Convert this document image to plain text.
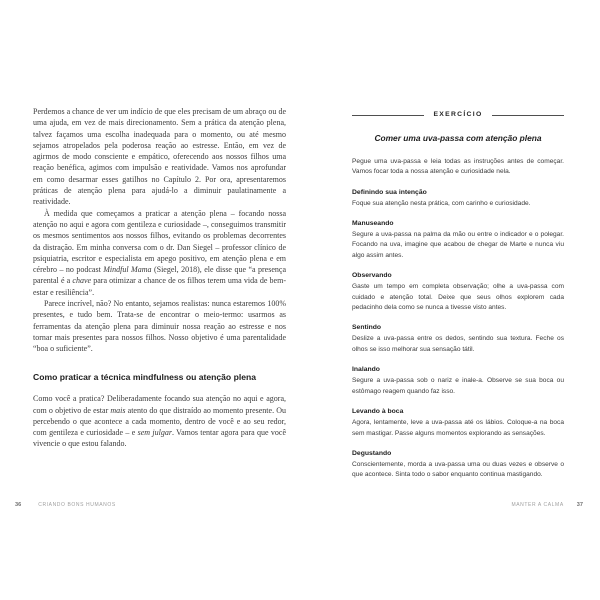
Perdemos a chance de ver um indício de que eles precisam de um abraço ou de uma ajuda, em vez de mais direcionamento. Sem a prática da atenção plena, talvez façamos uma escolha inadequada para o momento, ou até mesmo sejamos atropelados pela poderosa reação ao estresse. Então, em vez de agirmos de modo consciente e empático, oferecendo aos nossos filhos uma reação benéfica, agimos com impulsão e reatividade. Vamos nos aprofundar em como desarmar esses gatilhos no Capítulo 2. Por ora, apresentaremos práticas de atenção plena para ajudá-lo a diminuir paulatinamente a reatividade.

À medida que começamos a praticar a atenção plena – focando nossa atenção no aqui e agora com gentileza e curiosidade –, conseguimos transmitir os mesmos sentimentos aos nossos filhos, evitando os problemas decorrentes da distração. Em minha conversa com o dr. Dan Siegel – professor clínico de psiquiatria, escritor e especialista em apego positivo, em atenção plena e em cérebro – no podcast Mindful Mama (Siegel, 2018), ele disse que “a presença parental é a chave para otimizar a chance de os filhos terem uma vida de bem-estar e resiliência”.

Parece incrível, não? No entanto, sejamos realistas: nunca estaremos 100% presentes, e tudo bem. Trata-se de encontrar o meio-termo: usarmos as ferramentas da atenção plena para diminuir nossa reação ao estresse e nos tornar mais presentes para nossos filhos. Nosso objetivo é uma parentalidade “boa o suficiente”.

Como praticar a técnica mindfulness ou atenção plena

Como você a pratica? Deliberadamente focando sua atenção no aqui e agora, com o objetivo de estar mais atento do que distraído ao momento presente. Ou percebendo o que acontece a cada momento, dentro de você e ao seu redor, com gentileza e curiosidade – e sem julgar. Vamos tentar agora para que você vivencie o que estou falando.

36	CRIANDO BONS HUMANOS
EXERCÍCIO
Comer uma uva-passa com atenção plena

Pegue uma uva-passa e leia todas as instruções antes de começar. Vamos focar toda a nossa atenção e curiosidade nela.

Definindo sua intenção

Foque sua atenção nesta prática, com carinho e curiosidade.

Manuseando

Segure a uva-passa na palma da mão ou entre o indicador e o polegar. Focando na uva, imagine que acabou de chegar de Marte e nunca viu algo assim antes.

Observando

Gaste um tempo em completa observação; olhe a uva-passa com cuidado e atenção total. Deixe que seus olhos explorem cada pedacinho dela como se nunca a tivesse visto antes.

Sentindo

Deslize a uva-passa entre os dedos, sentindo sua textura. Feche os olhos se isso melhorar sua sensação tátil.

Inalando

Segure a uva-passa sob o nariz e inale-a. Observe se sua boca ou estômago reagem quando faz isso.

Levando à boca

Agora, lentamente, leve a uva-passa até os lábios. Coloque-a na boca sem mastigar. Passe alguns momentos explorando as sensações.

Degustando

Conscientemente, morda a uva-passa uma ou duas vezes e observe o que acontece. Sinta todo o sabor enquanto continua mastigando.

MANTER A CALMA 37
